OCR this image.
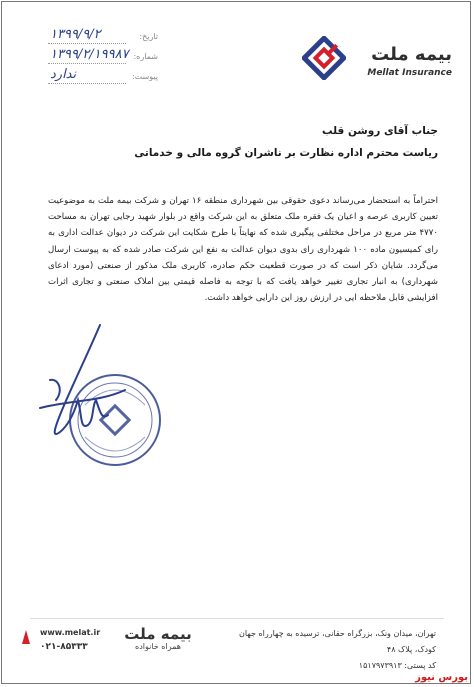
تاریخ:
۱۳۹۹/۹/۲
شماره:
۱۳۹۹/۲/۱۹۹۸۷
پیوست:
ندارد
بیمه ملت
Mellat Insurance
جناب آقای روشن قلب
ریاست محترم اداره نظارت بر ناشران گروه مالی و خدماتی
احتراماً به استحضار می‌رساند دعوی حقوقی بین شهرداری منطقه ۱۶ تهران و شرکت بیمه ملت به موضوعیت تعیین کاربری عرصه و اعیان یک فقره ملک متعلق به این شرکت واقع در بلوار شهید رجایی تهران به مساحت ۴۷۷۰ متر مربع در مراحل مختلفی پیگیری شده که نهایتاً با طرح شکایت این شرکت در دیوان عدالت اداری به رای کمیسیون ماده ۱۰۰ شهرداری رای بدوی دیوان عدالت به نفع این شرکت صادر شده که به پیوست ارسال می‌گردد. شایان ذکر است که در صورت قطعیت حکم صادره، کاربری ملک مذکور از صنعتی (مورد ادعای شهرداری) به انبار تجاری تغییر خواهد یافت که با توجه به فاصله قیمتی بین املاک صنعتی و تجاری اثرات افزایشی قابل ملاحظه ایی در ارزش روز این دارایی خواهد داشت.
تهران، میدان ونک، بزرگراه حقانی، ترسیده به چهارراه جهان کودک، پلاک ۴۸
کد پستی: ۱۵۱۷۹۷۳۹۱۳
بیمه ملت
همراه خانواده
www.melat.ir
۰۲۱-۸۵۳۳۳
بورس نیوز
